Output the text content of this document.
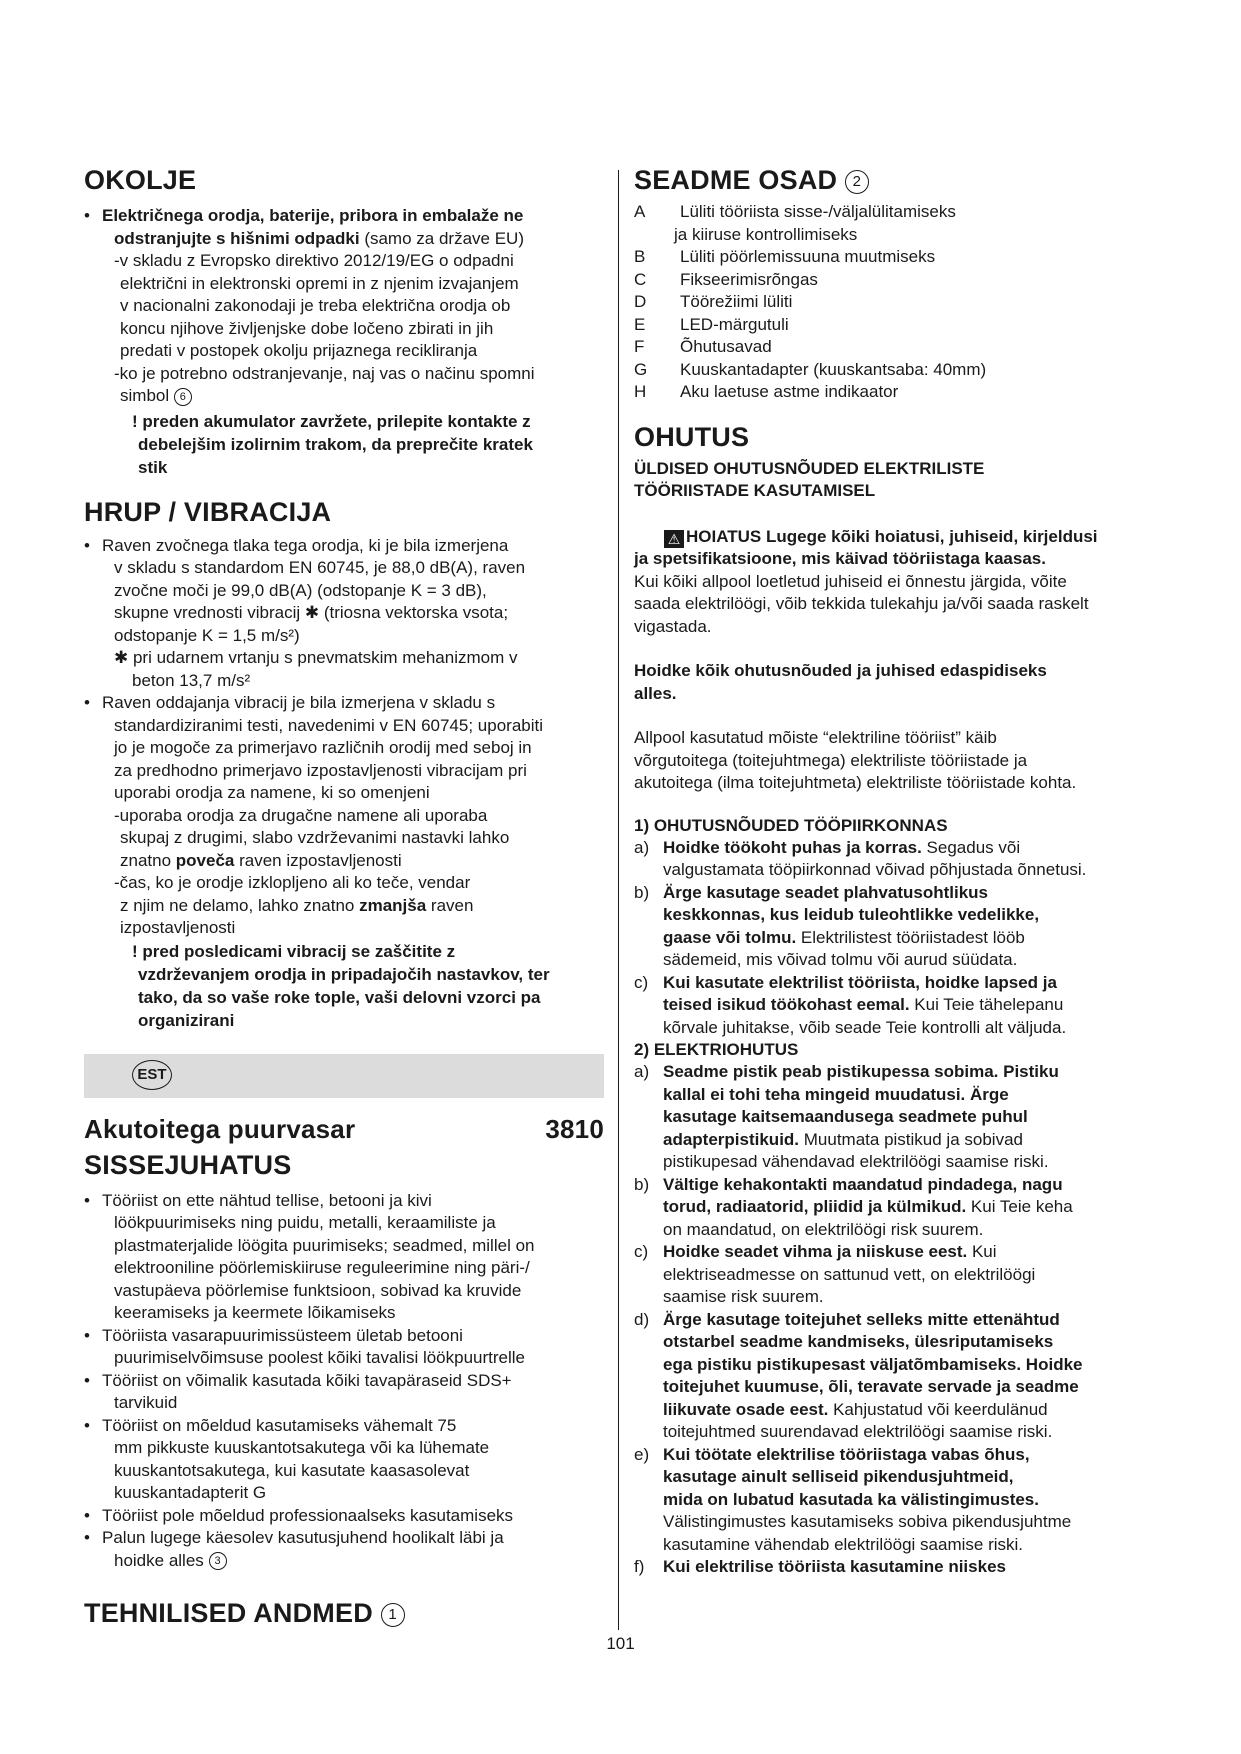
OKOLJE
• Električnega orodja, baterije, pribora in embalaže ne
odstranjujte s hišnimi odpadki (samo za države EU)
-v skladu z Evropsko direktivo 2012/19/EG o odpadni
električni in elektronski opremi in z njenim izvajanjem
v nacionalni zakonodaji je treba električna orodja ob
koncu njihove življenjske dobe ločeno zbirati in jih
predati v postopek okolju prijaznega recikliranja
-ko je potrebno odstranjevanje, naj vas o načinu spomni
simbol 6
! preden akumulator zavržete, prilepite kontakte z
debelejšim izolirnim trakom, da preprečite kratek
stik
HRUP / VIBRACIJA
• Raven zvočnega tlaka tega orodja, ki je bila izmerjena
v skladu s standardom EN 60745, je 88,0 dB(A), raven
zvočne moči je 99,0 dB(A) (odstopanje K = 3 dB),
skupne vrednosti vibracij ✱ (triosna vektorska vsota;
odstopanje K = 1,5 m/s²)
✱ pri udarnem vrtanju s pnevmatskim mehanizmom v
beton 13,7 m/s²
• Raven oddajanja vibracij je bila izmerjena v skladu s
standardiziranimi testi, navedenimi v EN 60745; uporabiti
jo je mogoče za primerjavo različnih orodij med seboj in
za predhodno primerjavo izpostavljenosti vibracijam pri
uporabi orodja za namene, ki so omenjeni
-uporaba orodja za drugačne namene ali uporaba
skupaj z drugimi, slabo vzdrževanimi nastavki lahko
znatno poveča raven izpostavljenosti
-čas, ko je orodje izklopljeno ali ko teče, vendar
z njim ne delamo, lahko znatno zmanjša raven
izpostavljenosti
! pred posledicami vibracij se zaščitite z
vzdrževanjem orodja in pripadajočih nastavkov, ter
tako, da so vaše roke tople, vaši delovni vzorci pa
organizirani
EST
Akutoitega puurvasar	3810
SISSEJUHATUS
• Tööriist on ette nähtud tellise, betooni ja kivi
löökpuurimiseks ning puidu, metalli, keraamiliste ja
plastmaterjalide löögita puurimiseks; seadmed, millel on
elektrooniline pöörlemiskiiruse reguleerimine ning päri-/
vastupäeva pöörlemise funktsioon, sobivad ka kruvide
keeramiseks ja keermete lõikamiseks
• Tööriista vasarapuurimissüsteem ületab betooni
puurimiselvõimsuse poolest kõiki tavalisi löökpuurtrelle
• Tööriist on võimalik kasutada kõiki tavapäraseid SDS+
tarvikuid
• Tööriist on mõeldud kasutamiseks vähemalt 75
mm pikkuste kuuskantotsakutega või ka lühemate
kuuskantotsakutega, kui kasutate kaasasolevat
kuuskantadapterit G
• Tööriist pole mõeldud professionaalseks kasutamiseks
• Palun lugege käesolev kasutusjuhend hoolikalt läbi ja
hoidke alles 3
TEHNILISED ANDMED 1
SEADME OSAD 2
A	Lüliti tööriista sisse-/väljalülitamiseks
ja kiiruse kontrollimiseks
B	Lüliti pöörlemissuuna muutmiseks
C	Fikseerimisrõngas
D	Töörežiimi lüliti
E	LED-märgutuli
F	Õhutusavad
G	Kuuskantadapter (kuuskantsaba: 40mm)
H	Aku laetuse astme indikaator
OHUTUS
ÜLDISED OHUTUSNÕUDED ELEKTRILISTE
TÖÖRIISTADE KASUTAMISEL
⚠ HOIATUS Lugege kõiki hoiatusi, juhiseid, kirjeldusi
ja spetsifikatsioone, mis käivad tööriistaga kaasas.
Kui kõiki allpool loetletud juhiseid ei õnnestu järgida, võite
saada elektrilöögi, võib tekkida tulekahju ja/või saada raskelt
vigastada.
Hoidke kõik ohutusnõuded ja juhised edaspidiseks
alles.
Allpool kasutatud mõiste “elektriline tööriist” käib
võrgutoitega (toitejuhtmega) elektriliste tööriistade ja
akutoitega (ilma toitejuhtmeta) elektriliste tööriistade kohta.
1) OHUTUSNÕUDED TÖÖPIIRKONNAS
a) Hoidke töökoht puhas ja korras. Segadus või
valgustamata tööpiirkonnad võivad põhjustada õnnetusi.
b) Ärge kasutage seadet plahvatusohtlikus
keskkonnas, kus leidub tuleohtlikke vedelikke,
gaase või tolmu. Elektrilistest tööriistadest lööb
sädemeid, mis võivad tolmu või aurud süüdata.
c) Kui kasutate elektrilist tööriista, hoidke lapsed ja
teised isikud töökohast eemal. Kui Teie tähelepanu
kõrvale juhitakse, võib seade Teie kontrolli alt väljuda.
2) ELEKTRIOHUTUS
a) Seadme pistik peab pistikupessa sobima. Pistiku
kallal ei tohi teha mingeid muudatusi. Ärge
kasutage kaitsemaandusega seadmete puhul
adapterpistikuid. Muutmata pistikud ja sobivad
pistikupesad vähendavad elektrilöögi saamise riski.
b) Vältige kehakontakti maandatud pindadega, nagu
torud, radiaatorid, pliidid ja külmikud. Kui Teie keha
on maandatud, on elektrilöögi risk suurem.
c) Hoidke seadet vihma ja niiskuse eest. Kui
elektriseadmesse on sattunud vett, on elektrilöögi
saamise risk suurem.
d) Ärge kasutage toitejuhet selleks mitte ettenähtud
otstarbel seadme kandmiseks, ülesriputamiseks
ega pistiku pistikupesast väljatõmbamiseks. Hoidke
toitejuhet kuumuse, õli, teravate servade ja seadme
liikuvate osade eest. Kahjustatud või keerdulänud
toitejuhtmed suurendavad elektrilöögi saamise riski.
e) Kui töötate elektrilise tööriistaga vabas õhus,
kasutage ainult selliseid pikendusjuhtmeid,
mida on lubatud kasutada ka välistingimustes.
Välistingimustes kasutamiseks sobiva pikendusjuhtme
kasutamine vähendab elektrilöögi saamise riski.
f) Kui elektrilise tööriista kasutamine niiskes
101
